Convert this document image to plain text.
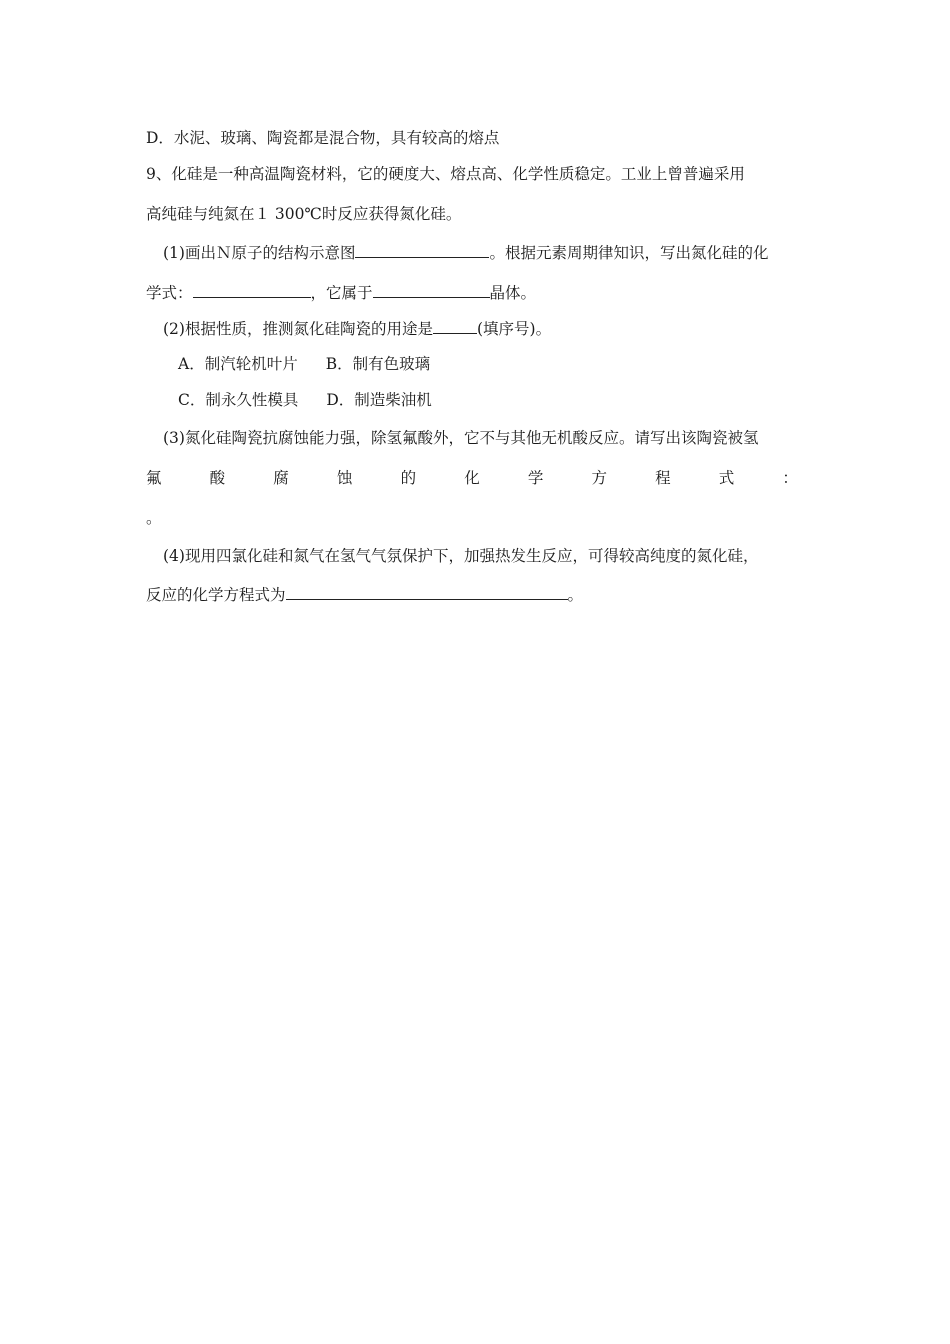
D．水泥、玻璃、陶瓷都是混合物，具有较高的熔点
9、化硅是一种高温陶瓷材料，它的硬度大、熔点高、化学性质稳定。工业上曾普遍采用
高纯硅与纯氮在１ 300℃时反应获得氮化硅。
(1)画出Ｎ原子的结构示意图	。根据元素周期律知识，写出氮化硅的化
学式：	，它属于	晶体。
(2)根据性质，推测氮化硅陶瓷的用途是	(填序号)。
A．制汽轮机叶片 B．制有色玻璃
C．制永久性模具 D．制造柴油机
(3)氮化硅陶瓷抗腐蚀能力强，除氢氟酸外，它不与其他无机酸反应。请写出该陶瓷被氢
氟	酸	腐	蚀	的	化	学	方	程	式	：
。
(4)现用四氯化硅和氮气在氢气气氛保护下，加强热发生反应，可得较高纯度的氮化硅，
反应的化学方程式为	。
